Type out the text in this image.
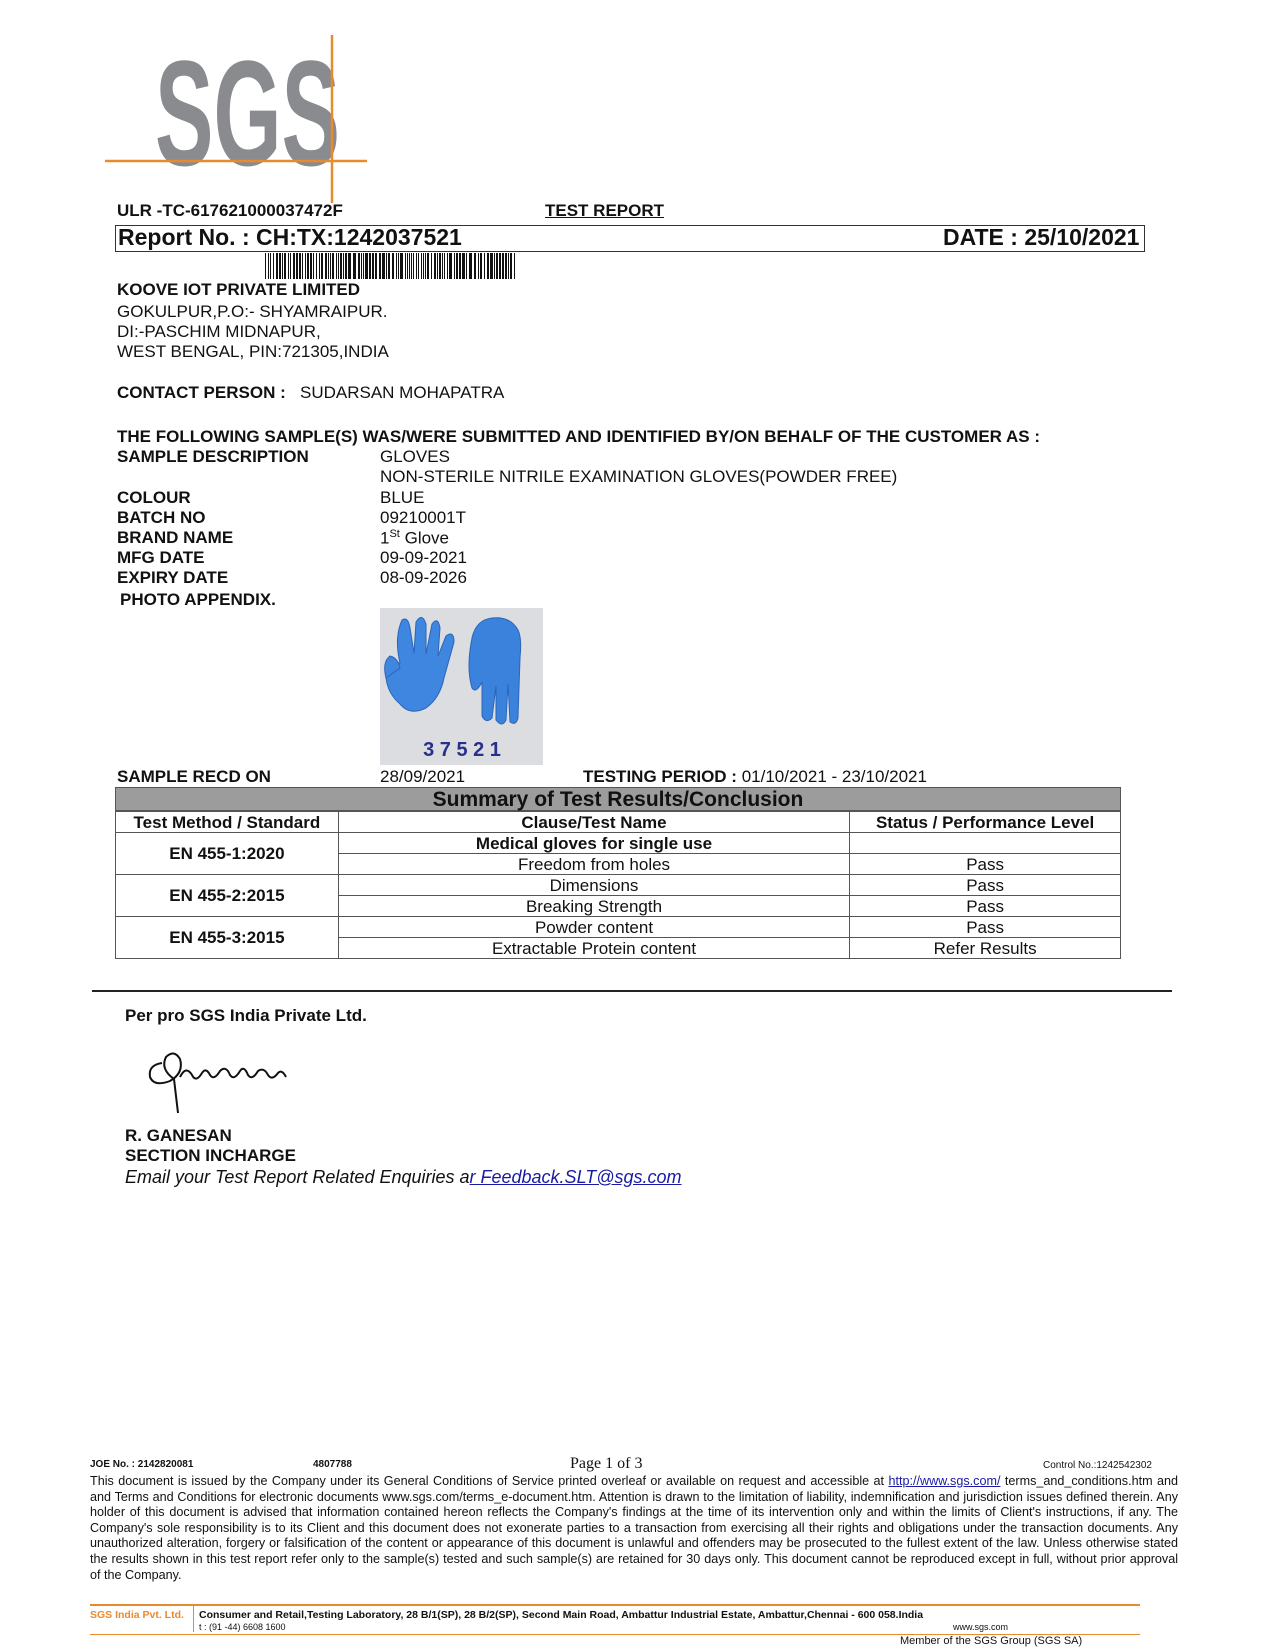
SGS
ULR -TC-617621000037472F	TEST REPORT
Report No. : CH:TX:1242037521	DATE : 25/10/2021
KOOVE IOT PRIVATE LIMITED
GOKULPUR,P.O:- SHYAMRAIPUR.
DI:-PASCHIM MIDNAPUR,
WEST BENGAL, PIN:721305,INDIA
CONTACT PERSON : SUDARSAN MOHAPATRA
THE FOLLOWING SAMPLE(S) WAS/WERE SUBMITTED AND IDENTIFIED BY/ON BEHALF OF THE CUSTOMER AS :
SAMPLE DESCRIPTION	GLOVES
NON-STERILE NITRILE EXAMINATION GLOVES(POWDER FREE)
COLOUR	BLUE
BATCH NO	09210001T
BRAND NAME	1St Glove
MFG DATE	09-09-2021
EXPIRY DATE	08-09-2026
PHOTO APPENDIX.
3 7 5 2 1
SAMPLE RECD ON	28/09/2021	TESTING PERIOD : 01/10/2021 - 23/10/2021
Summary of Test Results/Conclusion
Test Method / Standard	Clause/Test Name	Status / Performance Level
EN 455-1:2020	Medical gloves for single use	
	Freedom from holes	Pass
EN 455-2:2015	Dimensions	Pass
	Breaking Strength	Pass
EN 455-3:2015	Powder content	Pass
	Extractable Protein content	Refer Results
Per pro SGS India Private Ltd.
R. GANESAN
SECTION INCHARGE
Email your Test Report Related Enquiries ar Feedback.SLT@sgs.com
JOE No. : 2142820081	4807788	Page 1 of 3	Control No.:1242542302
This document is issued by the Company under its General Conditions of Service printed overleaf or available on request and accessible at http://www.sgs.com/ terms_and_conditions.htm and and Terms and Conditions for electronic documents www.sgs.com/terms_e-document.htm. Attention is drawn to the limitation of liability, indemnification and jurisdiction issues defined therein. Any holder of this document is advised that information contained hereon reflects the Company's findings at the time of its intervention only and within the limits of Client's instructions, if any. The Company's sole responsibility is to its Client and this document does not exonerate parties to a transaction from exercising all their rights and obligations under the transaction documents. Any unauthorized alteration, forgery or falsification of the content or appearance of this document is unlawful and offenders may be prosecuted to the fullest extent of the law. Unless otherwise stated the results shown in this test report refer only to the sample(s) tested and such sample(s) are retained for 30 days only. This document cannot be reproduced except in full, without prior approval of the Company.
SGS India Pvt. Ltd. Consumer and Retail,Testing Laboratory, 28 B/1(SP), 28 B/2(SP), Second Main Road, Ambattur Industrial Estate, Ambattur,Chennai - 600 058.India
t : (91 -44) 6608 1600	www.sgs.com
Member of the SGS Group (SGS SA)
